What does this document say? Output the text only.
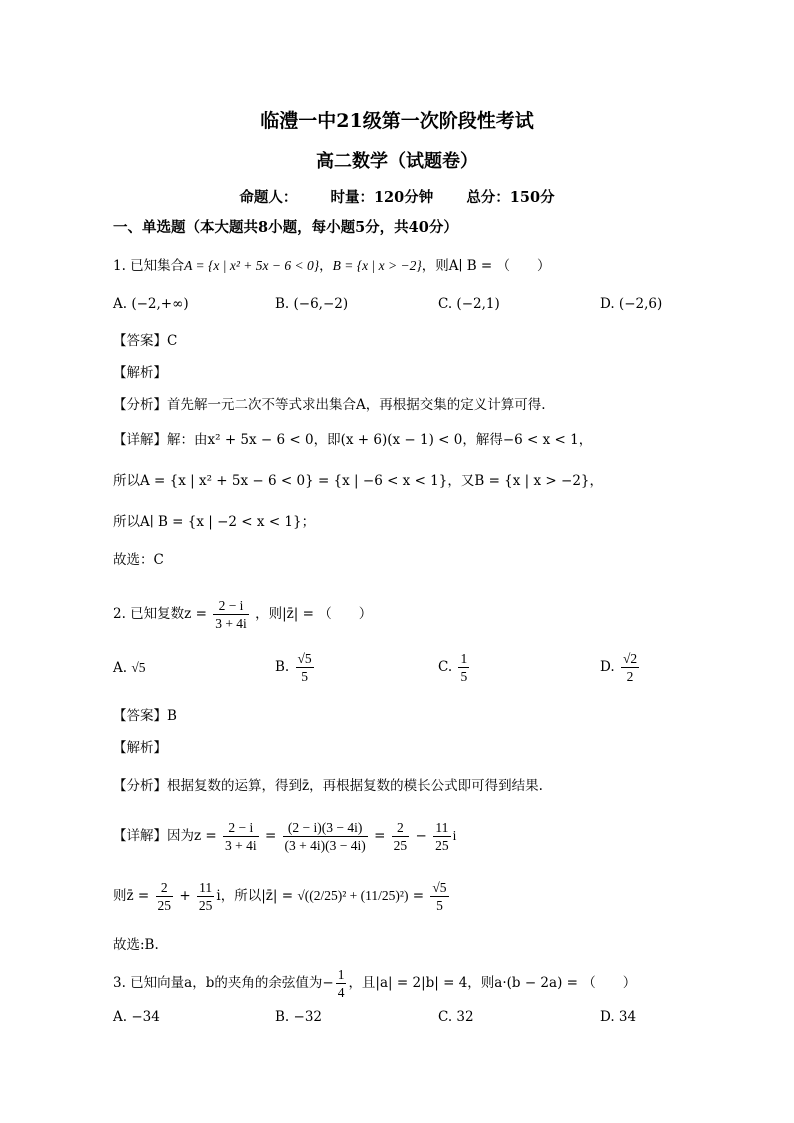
临澧一中21级第一次阶段性考试
高二数学（试题卷）
命题人： 时量：120分钟 总分：150分
一、单选题（本大题共8小题，每小题5分，共40分）
1. 已知集合A = {x | x² + 5x − 6 < 0}，B = {x | x > −2}，则A∣ B = （　　）
A. (−2,+∞)	B. (−6,−2)	C. (−2,1)	D. (−2,6)
【答案】C
【解析】
【分析】首先解一元二次不等式求出集合A，再根据交集的定义计算可得.
【详解】解：由x² + 5x − 6 < 0，即(x + 6)(x − 1) < 0，解得−6 < x < 1，
所以A = {x | x² + 5x − 6 < 0} = {x | −6 < x < 1}，又B = {x | x > −2}，
所以A∣ B = {x | −2 < x < 1}；
故选：C
2. 已知复数$z = \frac{2 - i}{3 + 4i}$ ，则|z̄| = （　　）
A. √5	B. $\frac{√5}{5}$	C. $\frac{1}{5}$	D. $\frac{√2}{2}$
【答案】B
【解析】
【分析】根据复数的运算，得到z̄，再根据复数的模长公式即可得到结果.
【详解】因为$z = \frac{2 - i}{3 + 4i} = \frac{(2 - i)(3 - 4i)}{(3 + 4i)(3 - 4i)} = \frac{2}{25} - \frac{11}{25}$ i
则z̄ = $\frac{2}{25} + \frac{11}{25}$ i，所以|z̄| = $√((2/25)^2 + (11/25)^2) = \frac{√5}{5}$
故选:B.
3. 已知向量a，b的夹角的余弦值为− $\frac{1}{4}$ ，且|a| = 2|b| = 4，则a·(b − 2a) = （　　）
A. −34	B. −32	C. 32	D. 34
